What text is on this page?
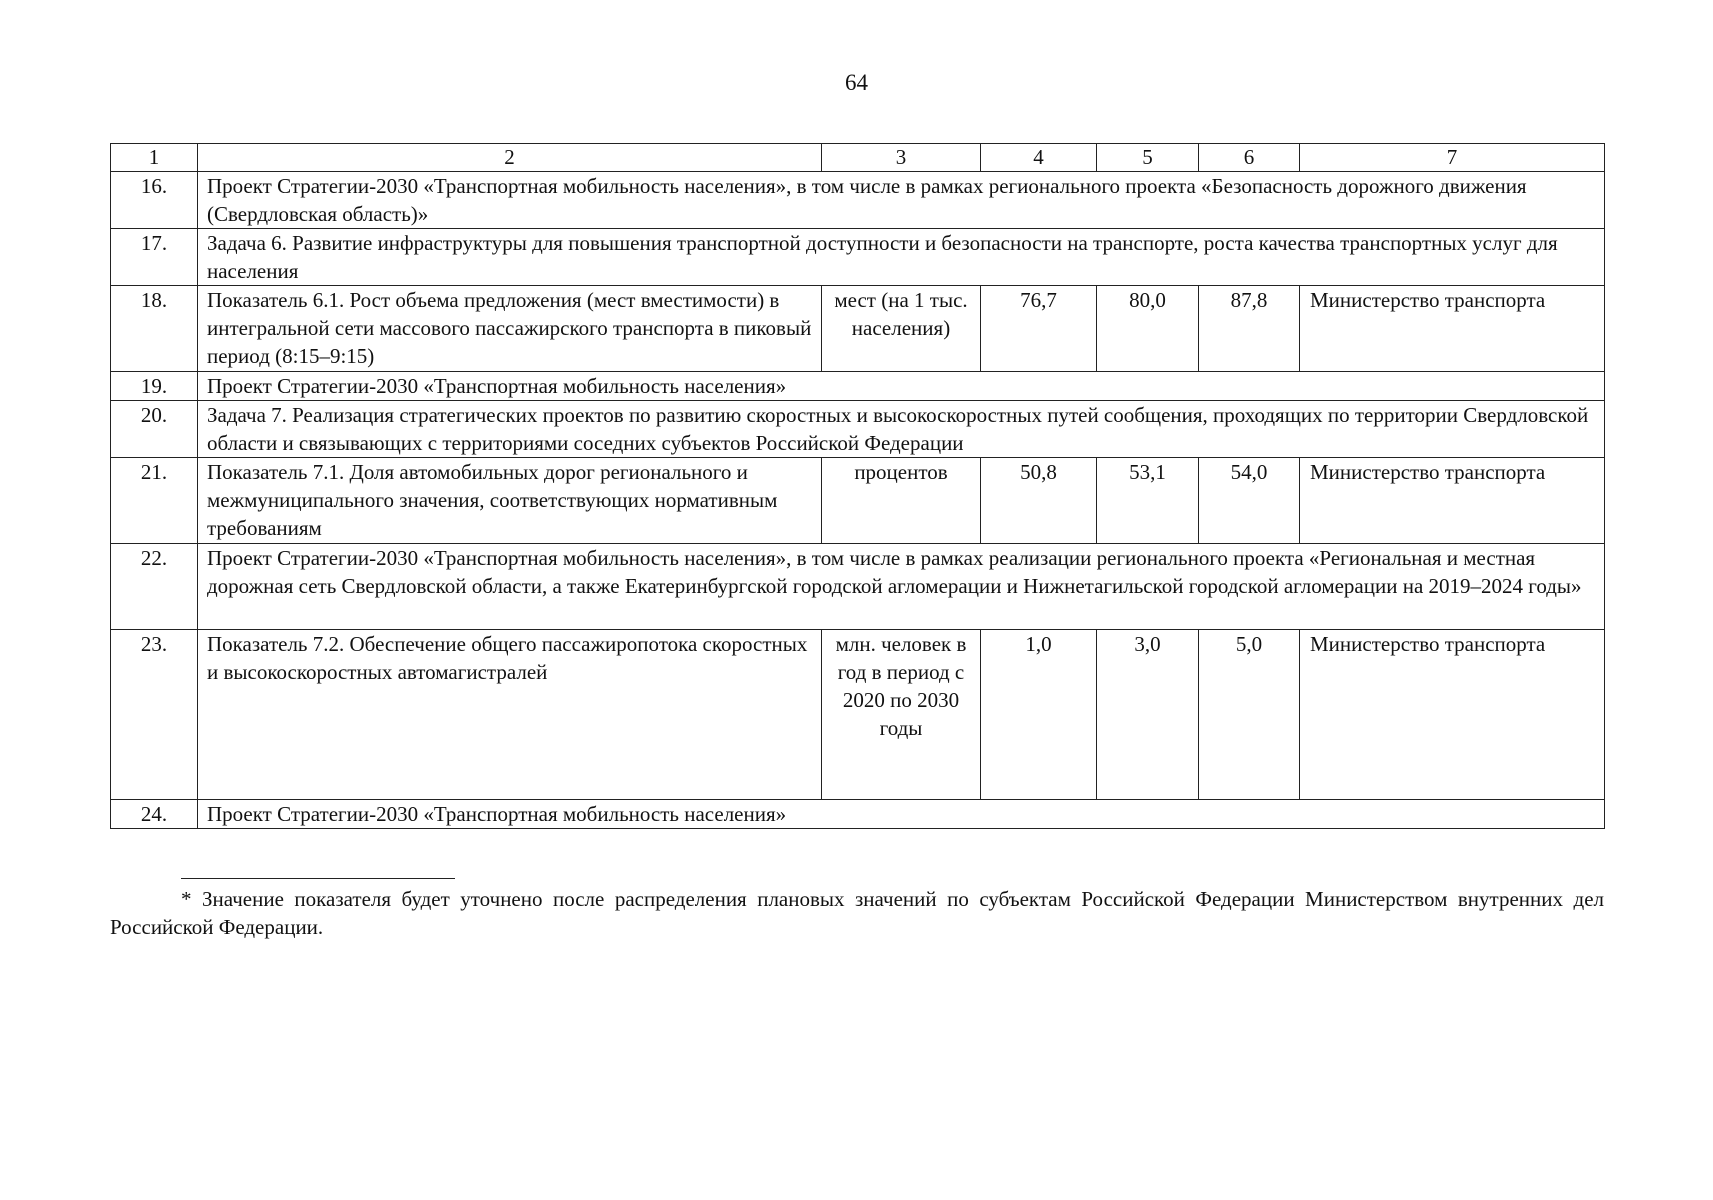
64
1	2	3	4	5	6	7
16.	Проект Стратегии-2030 «Транспортная мобильность населения», в том числе в рамках регионального проекта «Безопасность дорожного движения (Свердловская область)»					
17.	Задача 6. Развитие инфраструктуры для повышения транспортной доступности и безопасности на транспорте, роста качества транспортных услуг для населения					
18.	Показатель 6.1. Рост объема предложения (мест вместимости) в интегральной сети массового пассажирского транспорта в пиковый период (8:15–9:15)	мест (на 1 тыс. населения)	76,7	80,0	87,8	Министерство транспорта
19.	Проект Стратегии-2030 «Транспортная мобильность населения»					
20.	Задача 7. Реализация стратегических проектов по развитию скоростных и высокоскоростных путей сообщения, проходящих по территории Свердловской области и связывающих с территориями соседних субъектов Российской Федерации					
21.	Показатель 7.1. Доля автомобильных дорог регионального и межмуниципального значения, соответствующих нормативным требованиям	процентов	50,8	53,1	54,0	Министерство транспорта
22.	Проект Стратегии-2030 «Транспортная мобильность населения», в том числе в рамках реализации регионального проекта «Региональная и местная дорожная сеть Свердловской области, а также Екатеринбургской городской агломерации и Нижнетагильской городской агломерации на 2019–2024 годы»					
23.	Показатель 7.2. Обеспечение общего пассажиропотока скоростных и высокоскоростных автомагистралей	млн. человек в год в период с 2020 по 2030 годы	1,0	3,0	5,0	Министерство транспорта
24.	Проект Стратегии-2030 «Транспортная мобильность населения»					
* Значение показателя будет уточнено после распределения плановых значений по субъектам Российской Федерации Министерством внутренних дел Российской Федерации.
